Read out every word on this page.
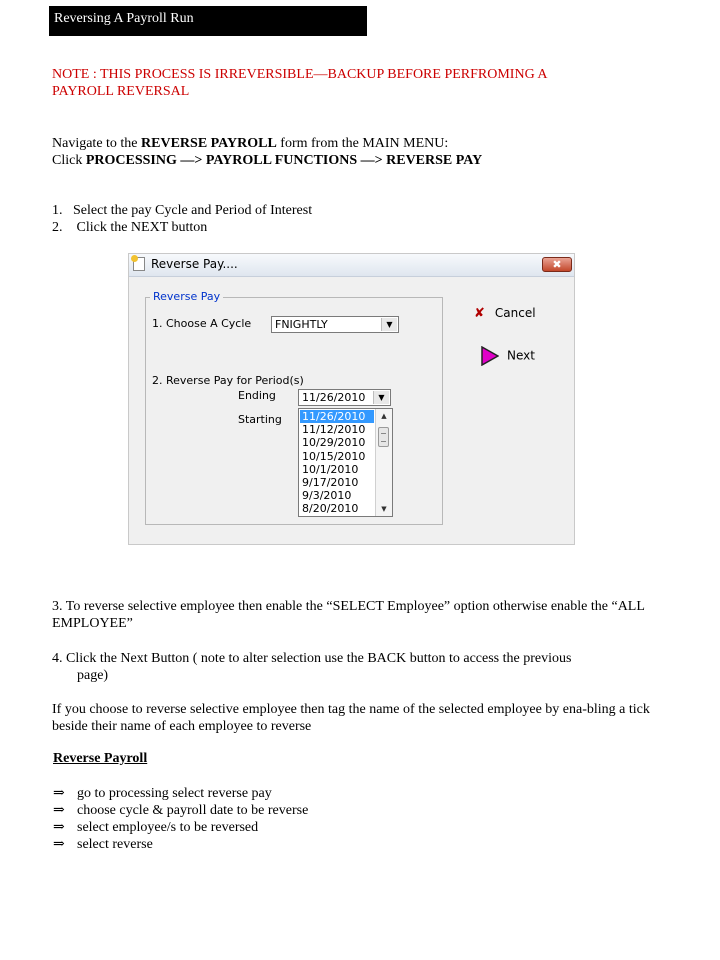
Reversing A Payroll Run
NOTE : THIS PROCESS IS IRREVERSIBLE—BACKUP BEFORE PERFROMING A
PAYROLL REVERSAL
Navigate to the REVERSE PAYROLL form from the MAIN MENU:
Click PROCESSING —> PAYROLL FUNCTIONS —> REVERSE PAY
1.   Select the pay Cycle and Period of Interest
2.    Click the NEXT button
Reverse Pay....	✖
Reverse Pay
1. Choose A Cycle	FNIGHTLY	▼
2. Reverse Pay for Period(s)
Ending	11/26/2010	▼
Starting 11/26/2010
11/12/2010
10/29/2010
10/15/2010
10/1/2010
9/17/2010
9/3/2010
8/20/2010
▲
▼
✘ Cancel
Next
3. To reverse selective employee then enable the “SELECT Employee” option otherwise enable the “ALL EMPLOYEE”
4. Click the Next Button ( note to alter selection use the BACK button to access the previous
page)
If you choose to reverse selective employee then tag the name of the selected employee by ena-bling a tick beside their name of each employee to reverse
Reverse Payroll
⇒ go to processing select reverse pay
⇒ choose cycle & payroll date to be reverse
⇒ select employee/s to be reversed
⇒ select reverse
